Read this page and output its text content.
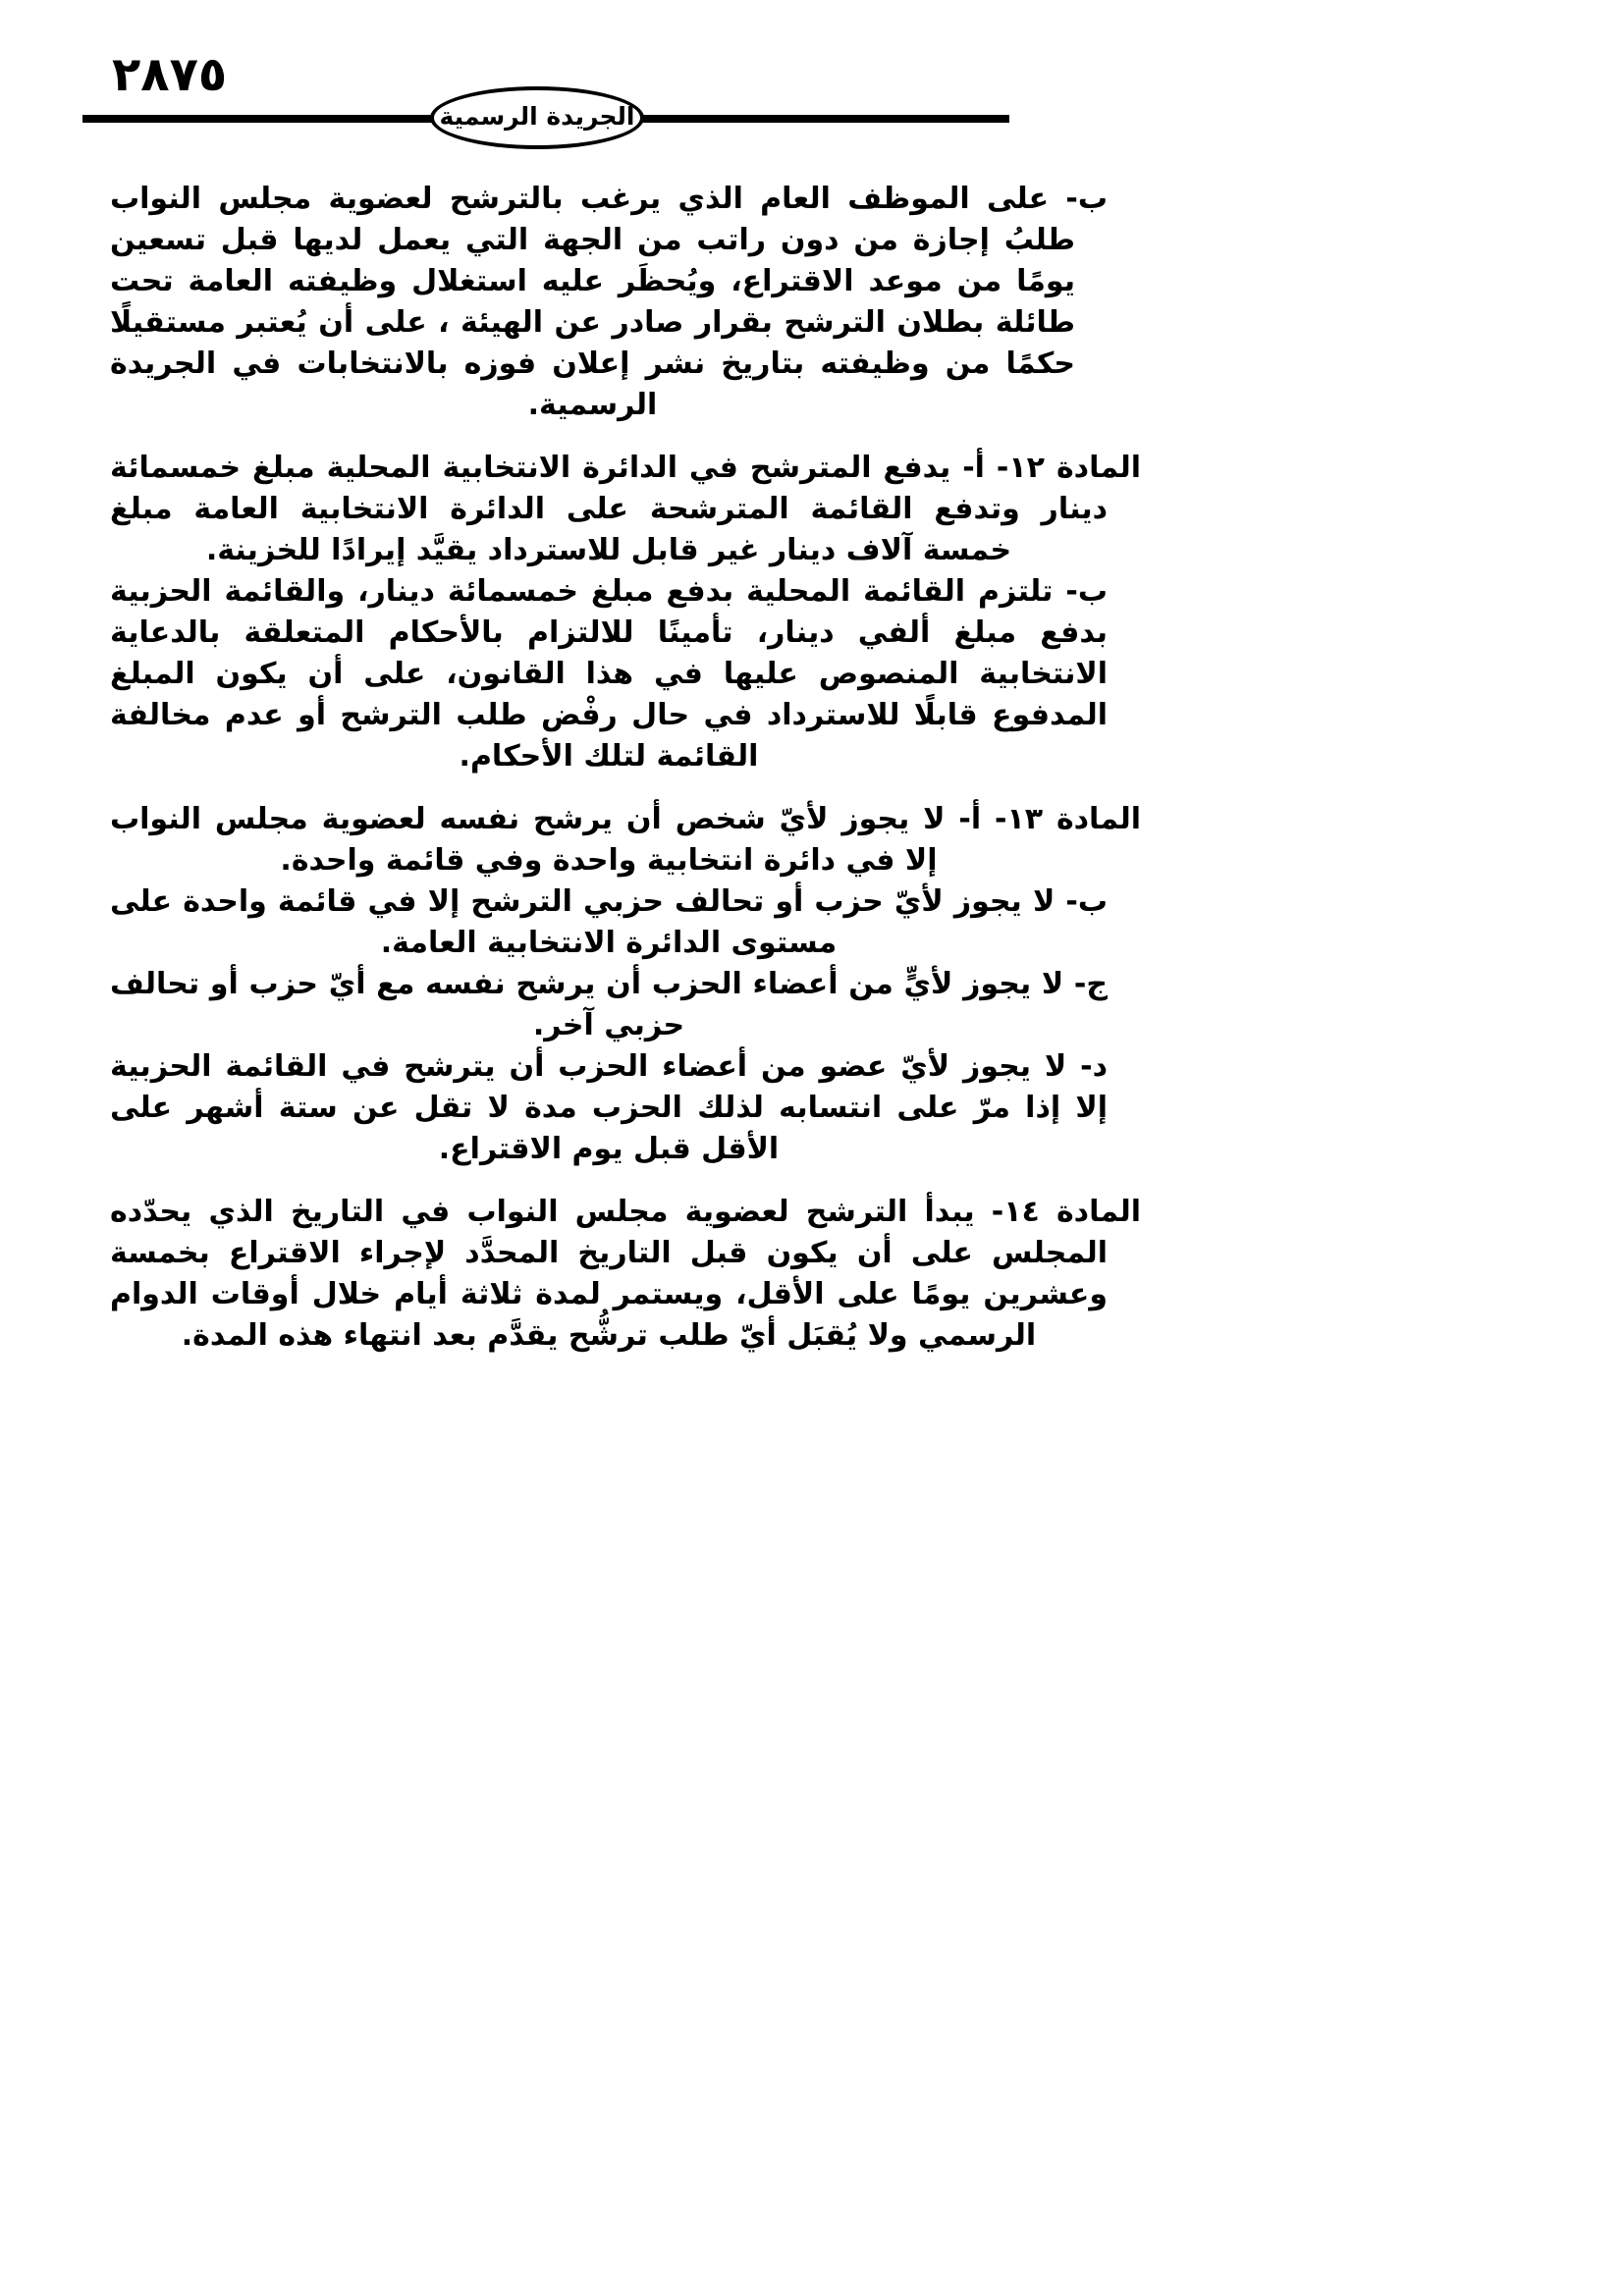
٢٨٧٥
الجريدة الرسمية

ب- على الموظف العام الذي يرغب بالترشح لعضوية مجلس النواب طلبُ إجازة من دون راتب من الجهة التي يعمل لديها قبل تسعين يومًا من موعد الاقتراع، ويُحظَر عليه استغلال وظيفته العامة تحت طائلة بطلان الترشح بقرار صادر عن الهيئة ، على أن يُعتبر مستقيلًا حكمًا من وظيفته بتاريخ نشر إعلان فوزه بالانتخابات في الجريدة الرسمية.

المادة ١٢- أ- يدفع المترشح في الدائرة الانتخابية المحلية مبلغ خمسمائة دينار وتدفع القائمة المترشحة على الدائرة الانتخابية العامة مبلغ خمسة آلاف دينار غير قابل للاسترداد يقيَّد إيرادًا للخزينة.

ب- تلتزم القائمة المحلية بدفع مبلغ خمسمائة دينار، والقائمة الحزبية بدفع مبلغ ألفي دينار، تأمينًا للالتزام بالأحكام المتعلقة بالدعاية الانتخابية المنصوص عليها في هذا القانون، على أن يكون المبلغ المدفوع قابلًا للاسترداد في حال رفْض طلب الترشح أو عدم مخالفة القائمة لتلك الأحكام.

المادة ١٣- أ- لا يجوز لأيّ شخص أن يرشح نفسه لعضوية مجلس النواب إلا في دائرة انتخابية واحدة وفي قائمة واحدة.

ب- لا يجوز لأيّ حزب أو تحالف حزبي الترشح إلا في قائمة واحدة على مستوى الدائرة الانتخابية العامة.

ج- لا يجوز لأيٍّ من أعضاء الحزب أن يرشح نفسه مع أيّ حزب أو تحالف حزبي آخر.

د- لا يجوز لأيّ عضو من أعضاء الحزب أن يترشح في القائمة الحزبية إلا إذا مرّ على انتسابه لذلك الحزب مدة لا تقل عن ستة أشهر على الأقل قبل يوم الاقتراع.

المادة ١٤- يبدأ الترشح لعضوية مجلس النواب في التاريخ الذي يحدّده المجلس على أن يكون قبل التاريخ المحدَّد لإجراء الاقتراع بخمسة وعشرين يومًا على الأقل، ويستمر لمدة ثلاثة أيام خلال أوقات الدوام الرسمي ولا يُقبَل أيّ طلب ترشُّح يقدَّم بعد انتهاء هذه المدة.
